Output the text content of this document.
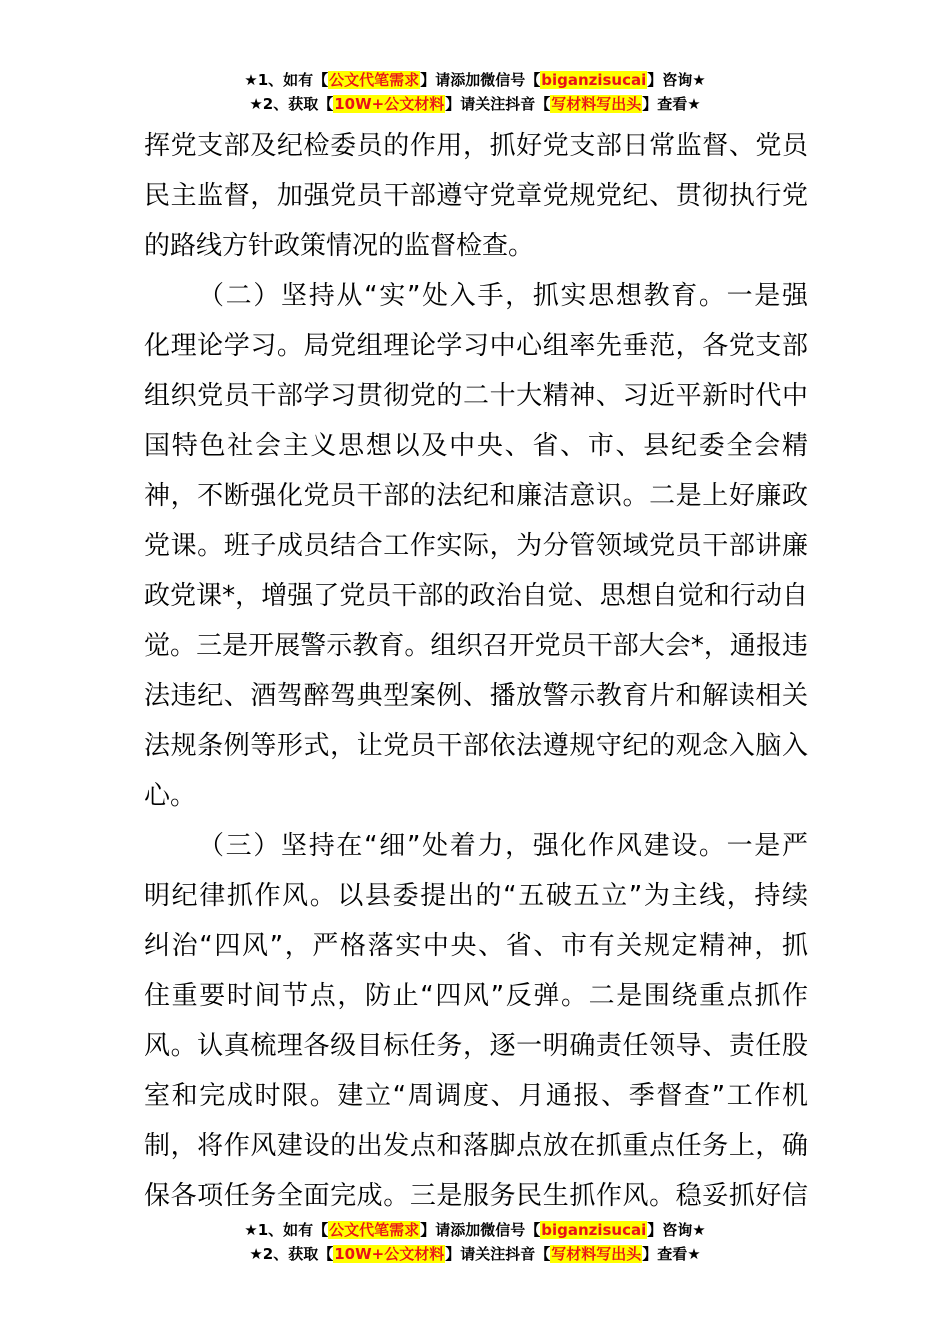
★1、如有【公文代笔需求】请添加微信号【biganzisucai】咨询★
★2、获取【10W+公文材料】请关注抖音【写材料写出头】查看★
挥党支部及纪检委员的作用，抓好党支部日常监督、党员
民主监督，加强党员干部遵守党章党规党纪、贯彻执行党
的路线方针政策情况的监督检查。
（二）坚持从“实”处入手，抓实思想教育。一是强
化理论学习。局党组理论学习中心组率先垂范，各党支部
组织党员干部学习贯彻党的二十大精神、习近平新时代中
国特色社会主义思想以及中央、省、市、县纪委全会精
神，不断强化党员干部的法纪和廉洁意识。二是上好廉政
党课。班子成员结合工作实际，为分管领域党员干部讲廉
政党课*，增强了党员干部的政治自觉、思想自觉和行动自
觉。三是开展警示教育。组织召开党员干部大会*，通报违
法违纪、酒驾醉驾典型案例、播放警示教育片和解读相关
法规条例等形式，让党员干部依法遵规守纪的观念入脑入
心。
（三）坚持在“细”处着力，强化作风建设。一是严
明纪律抓作风。以县委提出的“五破五立”为主线，持续
纠治“四风”，严格落实中央、省、市有关规定精神，抓
住重要时间节点，防止“四风”反弹。二是围绕重点抓作
风。认真梳理各级目标任务，逐一明确责任领导、责任股
室和完成时限。建立“周调度、月通报、季督查”工作机
制，将作风建设的出发点和落脚点放在抓重点任务上，确
保各项任务全面完成。三是服务民生抓作风。稳妥抓好信
★1、如有【公文代笔需求】请添加微信号【biganzisucai】咨询★
★2、获取【10W+公文材料】请关注抖音【写材料写出头】查看★
